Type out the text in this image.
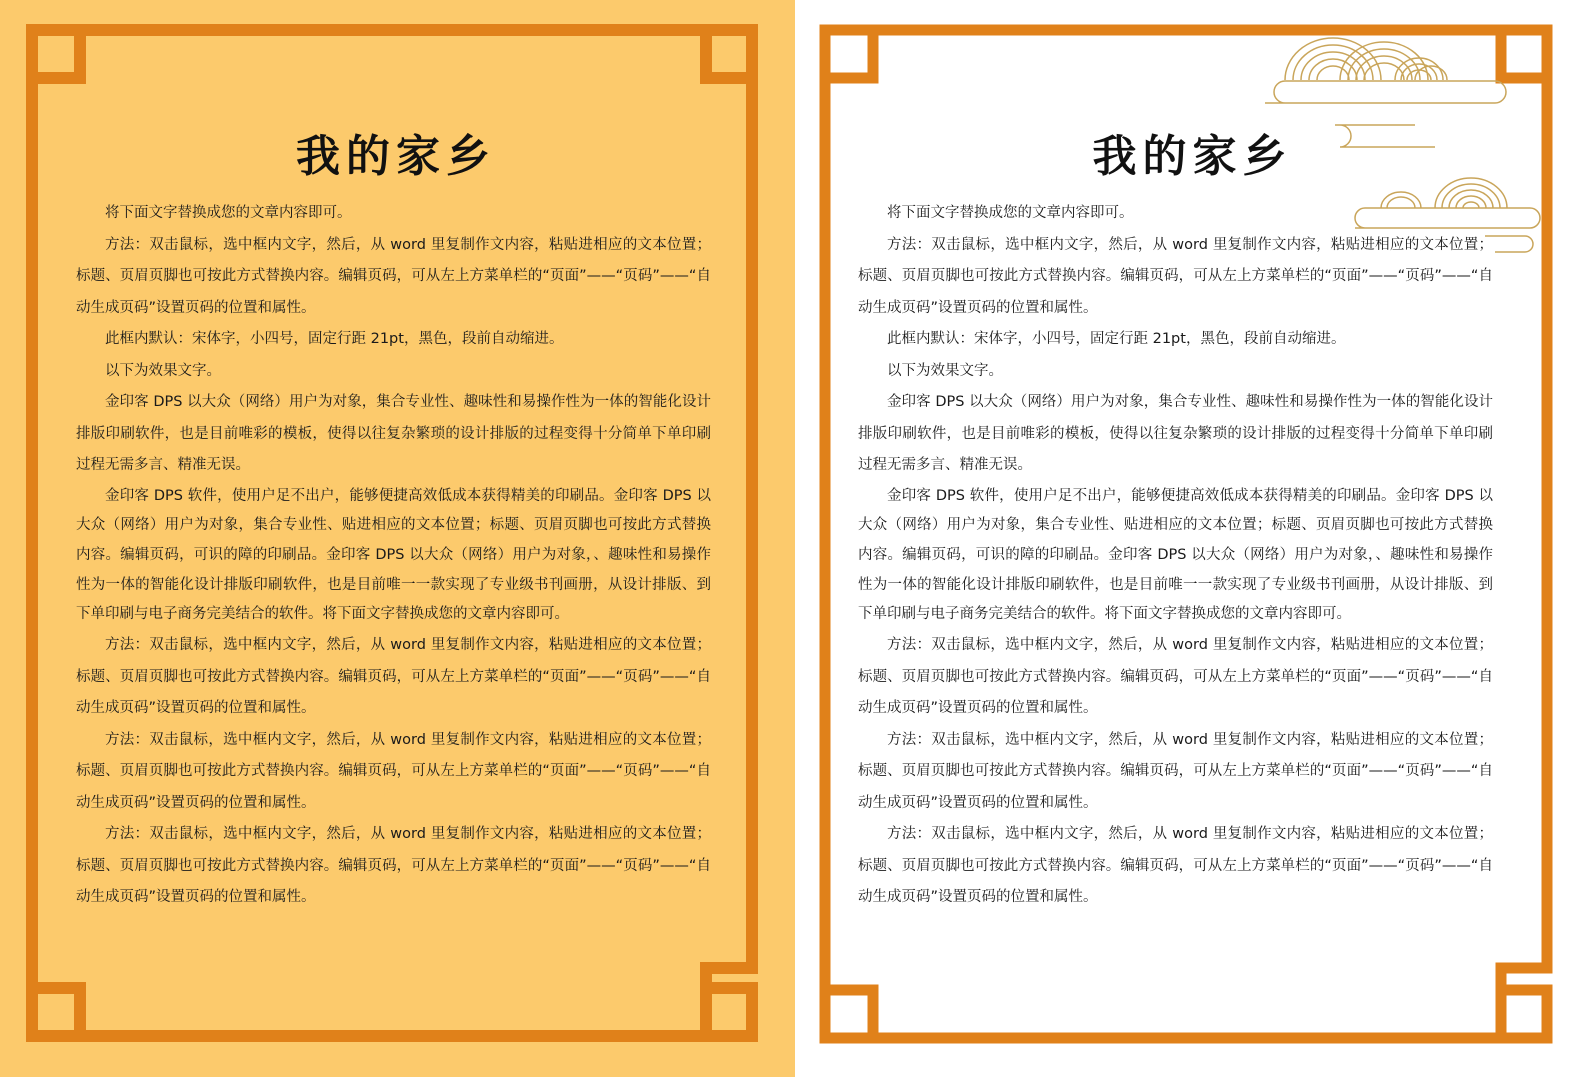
我的家乡

将下面文字替换成您的文章内容即可。

方法：双击鼠标，选中框内文字，然后，从 word 里复制作文内容，粘贴进相应的文本位置；标题、页眉页脚也可按此方式替换内容。编辑页码，可从左上方菜单栏的“页面”——“页码”——“自动生成页码”设置页码的位置和属性。

此框内默认：宋体字，小四号，固定行距 21pt，黑色，段前自动缩进。

以下为效果文字。

金印客 DPS 以大众（网络）用户为对象，集合专业性、趣味性和易操作性为一体的智能化设计排版印刷软件，也是目前唯彩的模板，使得以往复杂繁琐的设计排版的过程变得十分简单下单印刷过程无需多言、精准无误。

金印客 DPS 软件，使用户足不出户，能够便捷高效低成本获得精美的印刷品。金印客 DPS 以大众（网络）用户为对象，集合专业性、贴进相应的文本位置；标题、页眉页脚也可按此方式替换内容。编辑页码，可识的障的印刷品。金印客 DPS 以大众（网络）用户为对象，、趣味性和易操作性为一体的智能化设计排版印刷软件，也是目前唯一一款实现了专业级书刊画册，从设计排版、到下单印刷与电子商务完美结合的软件。将下面文字替换成您的文章内容即可。

方法：双击鼠标，选中框内文字，然后，从 word 里复制作文内容，粘贴进相应的文本位置；标题、页眉页脚也可按此方式替换内容。编辑页码，可从左上方菜单栏的“页面”——“页码”——“自动生成页码”设置页码的位置和属性。

方法：双击鼠标，选中框内文字，然后，从 word 里复制作文内容，粘贴进相应的文本位置；标题、页眉页脚也可按此方式替换内容。编辑页码，可从左上方菜单栏的“页面”——“页码”——“自动生成页码”设置页码的位置和属性。

方法：双击鼠标，选中框内文字，然后，从 word 里复制作文内容，粘贴进相应的文本位置；标题、页眉页脚也可按此方式替换内容。编辑页码，可从左上方菜单栏的“页面”——“页码”——“自动生成页码”设置页码的位置和属性。

我的家乡

将下面文字替换成您的文章内容即可。

方法：双击鼠标，选中框内文字，然后，从 word 里复制作文内容，粘贴进相应的文本位置；标题、页眉页脚也可按此方式替换内容。编辑页码，可从左上方菜单栏的“页面”——“页码”——“自动生成页码”设置页码的位置和属性。

此框内默认：宋体字，小四号，固定行距 21pt，黑色，段前自动缩进。

以下为效果文字。

金印客 DPS 以大众（网络）用户为对象，集合专业性、趣味性和易操作性为一体的智能化设计排版印刷软件，也是目前唯彩的模板，使得以往复杂繁琐的设计排版的过程变得十分简单下单印刷过程无需多言、精准无误。

金印客 DPS 软件，使用户足不出户，能够便捷高效低成本获得精美的印刷品。金印客 DPS 以大众（网络）用户为对象，集合专业性、贴进相应的文本位置；标题、页眉页脚也可按此方式替换内容。编辑页码，可识的障的印刷品。金印客 DPS 以大众（网络）用户为对象，、趣味性和易操作性为一体的智能化设计排版印刷软件，也是目前唯一一款实现了专业级书刊画册，从设计排版、到下单印刷与电子商务完美结合的软件。将下面文字替换成您的文章内容即可。

方法：双击鼠标，选中框内文字，然后，从 word 里复制作文内容，粘贴进相应的文本位置；标题、页眉页脚也可按此方式替换内容。编辑页码，可从左上方菜单栏的“页面”——“页码”——“自动生成页码”设置页码的位置和属性。

方法：双击鼠标，选中框内文字，然后，从 word 里复制作文内容，粘贴进相应的文本位置；标题、页眉页脚也可按此方式替换内容。编辑页码，可从左上方菜单栏的“页面”——“页码”——“自动生成页码”设置页码的位置和属性。

方法：双击鼠标，选中框内文字，然后，从 word 里复制作文内容，粘贴进相应的文本位置；标题、页眉页脚也可按此方式替换内容。编辑页码，可从左上方菜单栏的“页面”——“页码”——“自动生成页码”设置页码的位置和属性。
